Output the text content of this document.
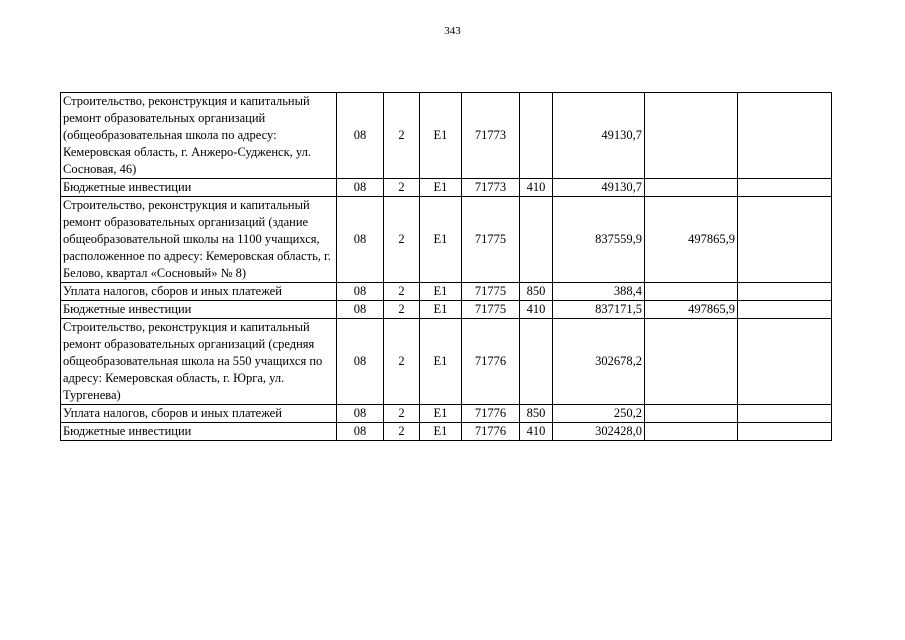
343
Строительство, реконструкция и капитальный ремонт образовательных организаций (общеобразовательная школа по адресу: Кемеровская область, г. Анжеро-Судженск, ул. Сосновая, 46)	08	2	E1	71773		49130,7		
Бюджетные инвестиции	08	2	E1	71773	410	49130,7		
Строительство, реконструкция и капитальный ремонт образовательных организаций (здание общеобразовательной школы на 1100 учащихся, расположенное по адресу: Кемеровская область, г. Белово, квартал «Сосновый» № 8)	08	2	E1	71775		837559,9	497865,9	
Уплата налогов, сборов и иных платежей	08	2	E1	71775	850	388,4		
Бюджетные инвестиции	08	2	E1	71775	410	837171,5	497865,9	
Строительство, реконструкция и капитальный ремонт образовательных организаций (средняя общеобразовательная школа на 550 учащихся по адресу: Кемеровская область, г. Юрга, ул. Тургенева)	08	2	E1	71776		302678,2		
Уплата налогов, сборов и иных платежей	08	2	E1	71776	850	250,2		
Бюджетные инвестиции	08	2	E1	71776	410	302428,0		
